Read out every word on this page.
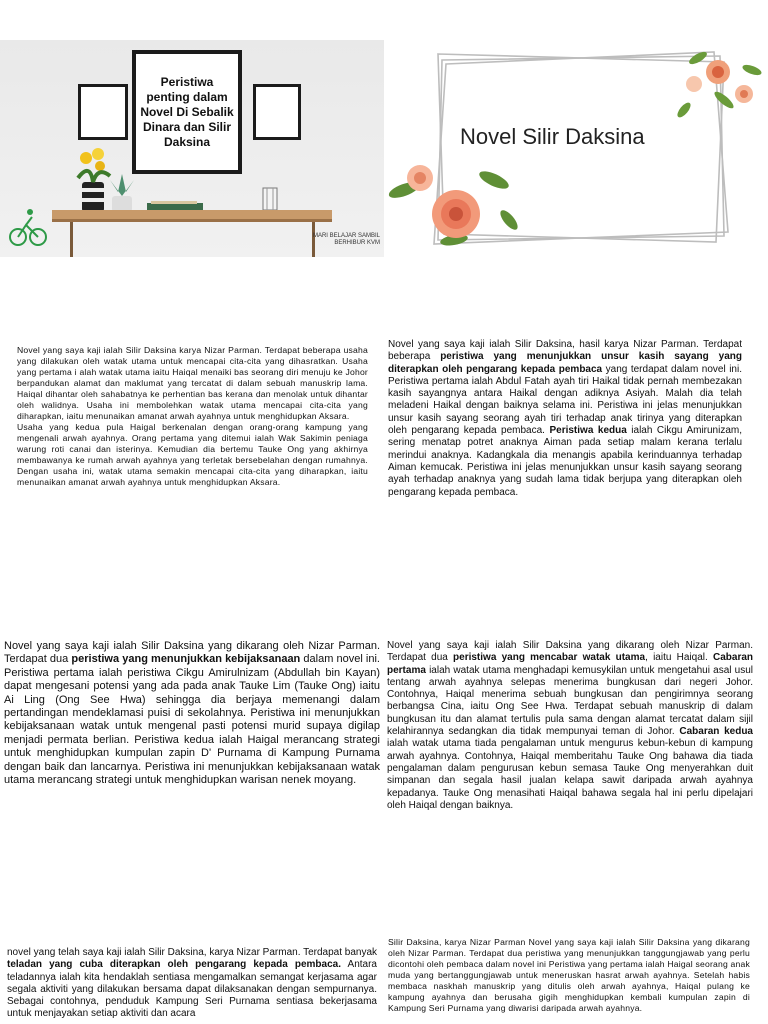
Peristiwa penting dalam Novel Di Sebalik Dinara dan Silir Daksina
MARI BELAJAR SAMBIL BERHIBUR KVM
Novel Silir Daksina
Novel yang saya kaji ialah Silir Daksina karya Nizar Parman. Terdapat beberapa usaha yang dilakukan oleh watak utama untuk mencapai cita-cita yang dihasratkan. Usaha yang pertama i alah watak utama iaitu Haiqal menaiki bas seorang diri menuju ke Johor berpandukan alamat dan maklumat yang tercatat di dalam sebuah manuskrip lama. Haiqal dihantar oleh sahabatnya ke perhentian bas kerana dan menolak untuk dihantar oleh walidnya. Usaha ini membolehkan watak utama mencapai cita-cita yang diharapkan, iaitu menunaikan amanat arwah ayahnya untuk menghidupkan Aksara.
Usaha yang kedua pula Haigal berkenalan dengan orang-orang kampung yang mengenali arwah ayahnya. Orang pertama yang ditemui ialah Wak Sakimin peniaga warung roti canai dan isterinya. Kemudian dia bertemu Tauke Ong yang akhirnya membawanya ke rumah arwah ayahnya yang terletak bersebelahan dengan rumahnya. Dengan usaha ini, watak utama semakin mencapai cita-cita yang diharapkan, iaitu menunaikan amanat arwah ayahnya untuk menghidupkan Aksara.
Novel yang saya kaji ialah Silir Daksina, hasil karya Nizar Parman. Terdapat beberapa peristiwa yang menunjukkan unsur kasih sayang yang diterapkan oleh pengarang kepada pembaca yang terdapat dalam novel ini. Peristiwa pertama ialah Abdul Fatah ayah tiri Haikal tidak pernah membezakan kasih sayangnya antara Haikal dengan adiknya Asiyah. Malah dia telah meladeni Haikal dengan baiknya selama ini. Peristiwa ini jelas menunjukkan unsur kasih sayang seorang ayah tiri terhadap anak tirinya yang diterapkan oleh pengarang kepada pembaca. Peristiwa kedua ialah Cikgu Amirunizam, sering menatap potret anaknya Aiman pada setiap malam kerana terlalu merindui anaknya. Kadangkala dia menangis apabila kerinduannya terhadap Aiman kemucak. Peristiwa ini jelas menunjukkan unsur kasih sayang seorang ayah terhadap anaknya yang sudah lama tidak berjupa yang diterapkan oleh pengarang kepada pembaca.
Novel yang saya kaji ialah Silir Daksina yang dikarang oleh Nizar Parman. Terdapat dua peristiwa yang menunjukkan kebijaksanaan dalam novel ini. Peristiwa pertama ialah peristiwa Cikgu Amirulnizam (Abdullah bin Kayan) dapat mengesani potensi yang ada pada anak Tauke Lim (Tauke Ong) iaitu Ai Ling (Ong See Hwa) sehingga dia berjaya memenangi dalam pertandingan mendeklamasi puisi di sekolahnya. Peristiwa ini menunjukkan kebijaksanaan watak untuk mengenal pasti potensi murid supaya digilap menjadi permata berlian. Peristiwa kedua ialah Haigal merancang strategi untuk menghidupkan kumpulan zapin D' Purnama di Kampung Purnama dengan baik dan lancarnya. Peristiwa ini menunjukkan kebijaksanaan watak utama merancang strategi untuk menghidupkan warisan nenek moyang.
Novel yang saya kaji ialah Silir Daksina yang dikarang oleh Nizar Parman. Terdapat dua peristiwa yang mencabar watak utama, iaitu Haiqal. Cabaran pertama ialah watak utama menghadapi kemusykilan untuk mengetahui asal usul tentang arwah ayahnya selepas menerima bungkusan dari negeri Johor. Contohnya, Haiqal menerima sebuah bungkusan dan pengirimnya seorang berbangsa Cina, iaitu Ong See Hwa. Terdapat sebuah manuskrip di dalam bungkusan itu dan alamat tertulis pula sama dengan alamat tercatat dalam sijil kelahirannya sedangkan dia tidak mempunyai teman di Johor. Cabaran kedua ialah watak utama tiada pengalaman untuk mengurus kebun-kebun di kampung arwah ayahnya. Contohnya, Haiqal memberitahu Tauke Ong bahawa dia tiada pengalaman dalam pengurusan kebun semasa Tauke Ong menyerahkan duit simpanan dan segala hasil jualan kelapa sawit daripada arwah ayahnya kepadanya. Tauke Ong menasihati Haiqal bahawa segala hal ini perlu dipelajari oleh Haiqal dengan baiknya.
novel yang telah saya kaji ialah Silir Daksina, karya Nizar Parman. Terdapat banyak teladan yang cuba diterapkan oleh pengarang kepada pembaca. Antara teladannya ialah kita hendaklah sentiasa mengamalkan semangat kerjasama agar segala aktiviti yang dilakukan bersama dapat dilaksanakan dengan sempurnanya. Sebagai contohnya, penduduk Kampung Seri Purnama sentiasa bekerjasama untuk menjayakan setiap aktiviti dan acara
Silir Daksina, karya Nizar Parman Novel yang saya kaji ialah Silir Daksina yang dikarang oleh Nizar Parman. Terdapat dua peristiwa yang menunjukkan tanggungjawab yang perlu dicontohi oleh pembaca dalam novel ini Peristiwa yang pertama ialah Haigal seorang anak muda yang bertanggungjawab untuk meneruskan hasrat arwah ayahnya. Setelah habis membaca naskhah manuskrip yang ditulis oleh arwah ayahnya, Haiqal pulang ke kampung ayahnya dan berusaha gigih menghidupkan kembali kumpulan zapin di Kampung Seri Purnama yang diwarisi daripada arwah ayahnya.
